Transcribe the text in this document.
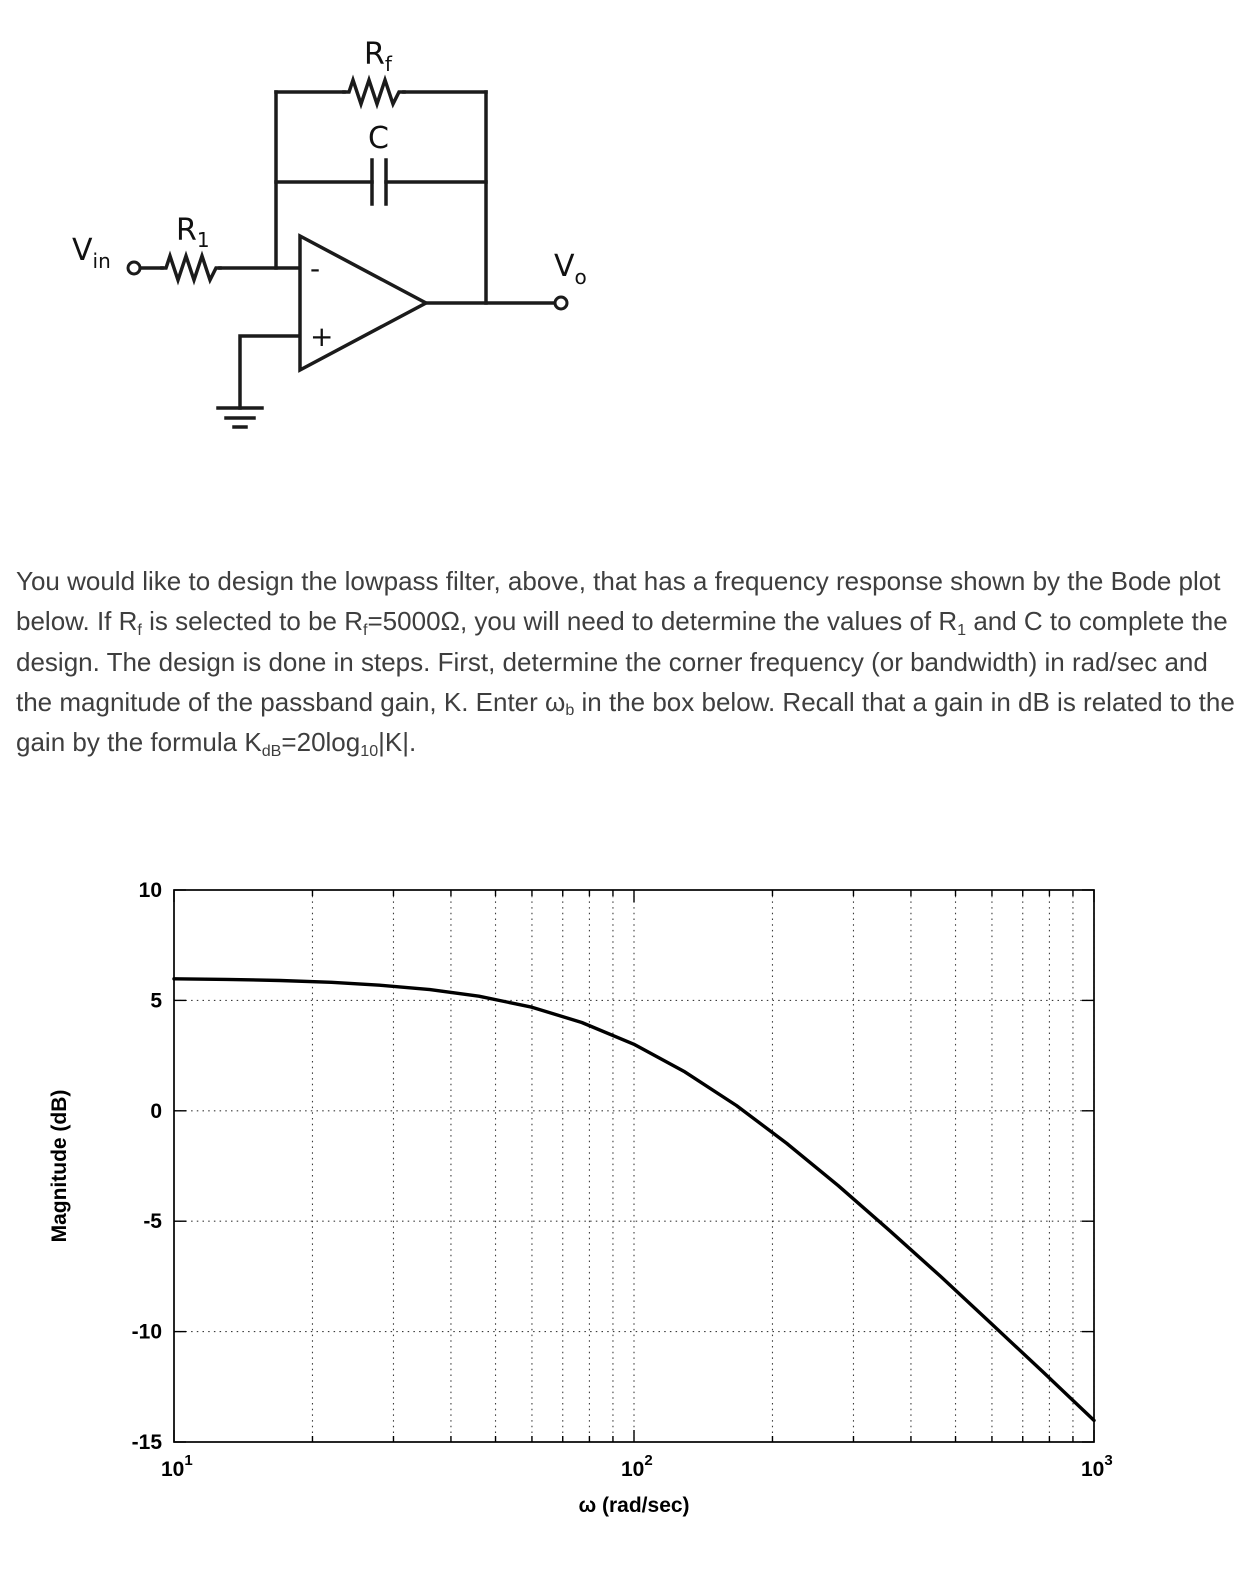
$R_f$
C
$R_1$
$V_{in}$	$V_o$
-
+

You would like to design the lowpass filter, above, that has a frequency response shown by the Bode plot below. If $R_f$ is selected to be $R_f=5000\Omega$, you will need to determine the values of $R_1$ and C to complete the design. The design is done in steps. First, determine the corner frequency (or bandwidth) in rad/sec and the magnitude of the passband gain, K. Enter $\omega_b$ in the box below. Recall that a gain in dB is related to the gain by the formula $K_{dB}=20\log_{10}|K|$.

10
5
0
-5
-10
-15
$10^1$	$10^2$	$10^3$
ω (rad/sec)
Magnitude (dB)
